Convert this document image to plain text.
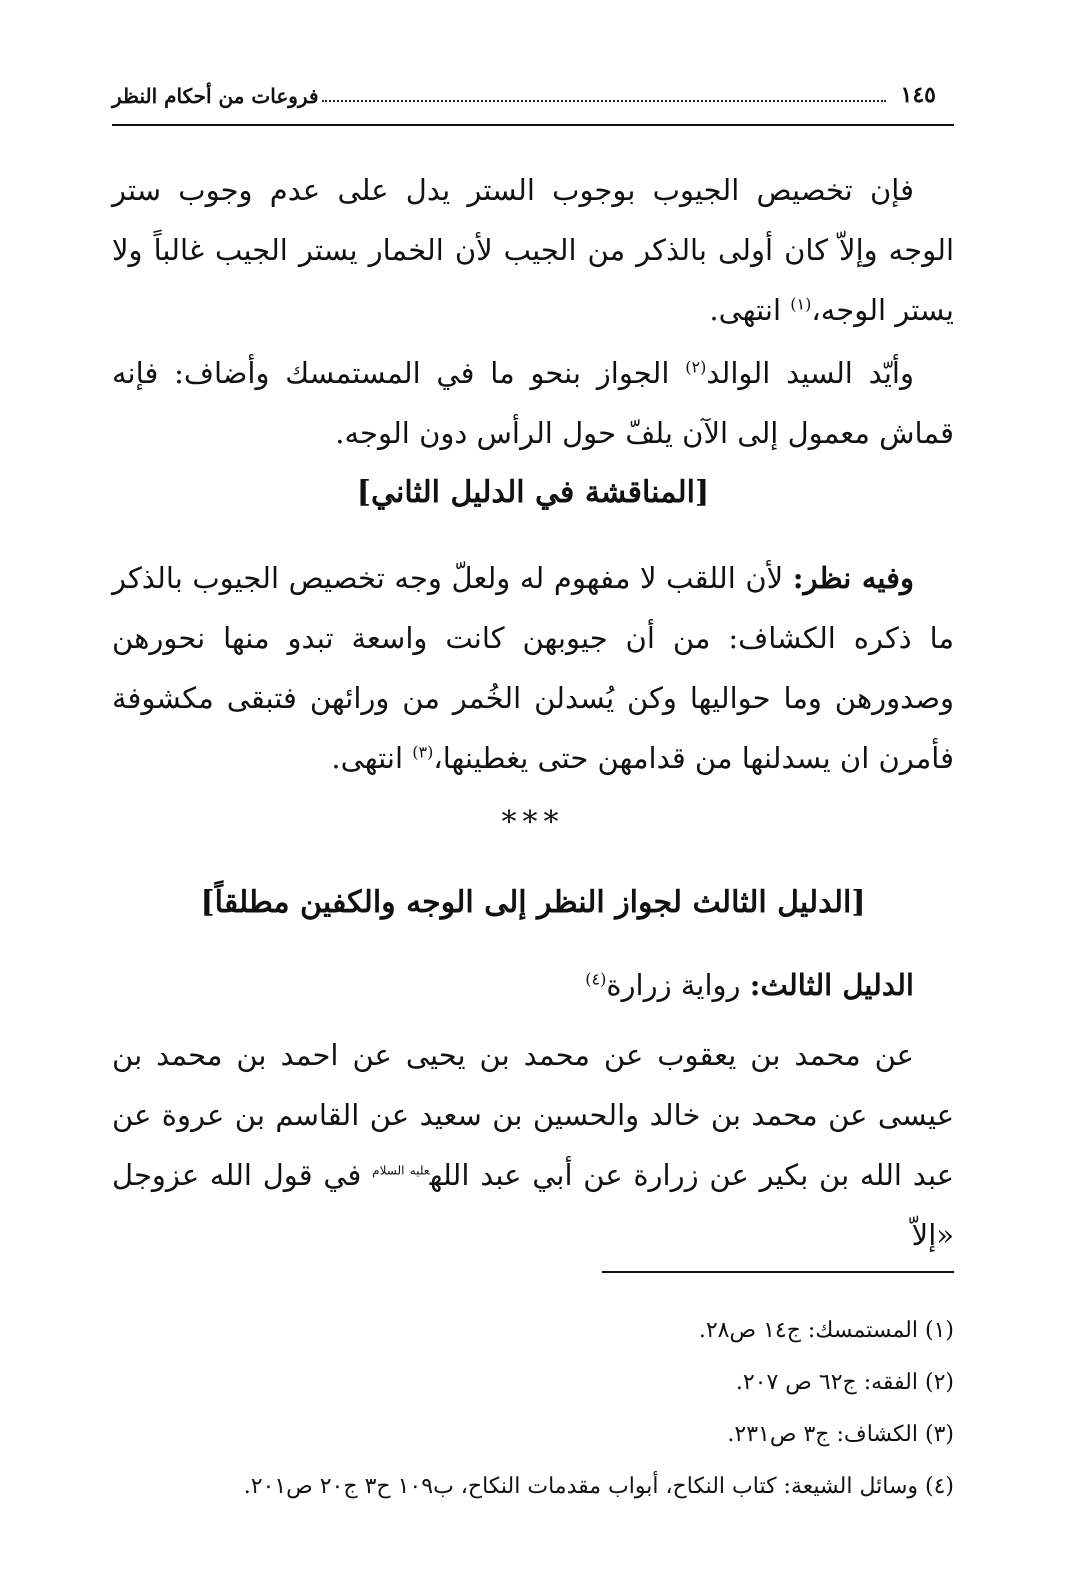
١٤٥
فروعات من أحكام النظر

فإن تخصيص الجيوب بوجوب الستر يدل على عدم وجوب ستر الوجه وإلاّ كان أولى بالذكر من الجيب لأن الخمار يستر الجيب غالباً ولا يستر الوجه،$^{(١)}$ انتهى.

وأيّد السيد الوالد$^{(٢)}$ الجواز بنحو ما في المستمسك وأضاف: فإنه قماش معمول إلى الآن يلفّ حول الرأس دون الوجه.

[المناقشة في الدليل الثاني]

وفيه نظر: لأن اللقب لا مفهوم له ولعلّ وجه تخصيص الجيوب بالذكر ما ذكره الكشاف: من أن جيوبهن كانت واسعة تبدو منها نحورهن وصدورهن وما حواليها وكن يُسدلن الخُمر من ورائهن فتبقى مكشوفة فأمرن ان يسدلنها من قدامهن حتى يغطينها،$^{(٣)}$ انتهى.

***
[الدليل الثالث لجواز النظر إلى الوجه والكفين مطلقاً]

الدليل الثالث: رواية زرارة$^{(٤)}$

عن محمد بن يعقوب عن محمد بن يحيى عن احمد بن محمد بن عيسى عن محمد بن خالد والحسين بن سعيد عن القاسم بن عروة عن عبد الله بن بكير عن زرارة عن أبي عبد الله$^{عليه السلام}$ في قول الله عزوجل «إلاّ

(١) المستمسك: ج١٤ ص٢٨.
(٢) الفقه: ج٦٢ ص ٢٠٧.
(٣) الكشاف: ج٣ ص٢٣١.
(٤) وسائل الشيعة: كتاب النكاح، أبواب مقدمات النكاح، ب١٠٩ ح٣ ج٢٠ ص٢٠١.
